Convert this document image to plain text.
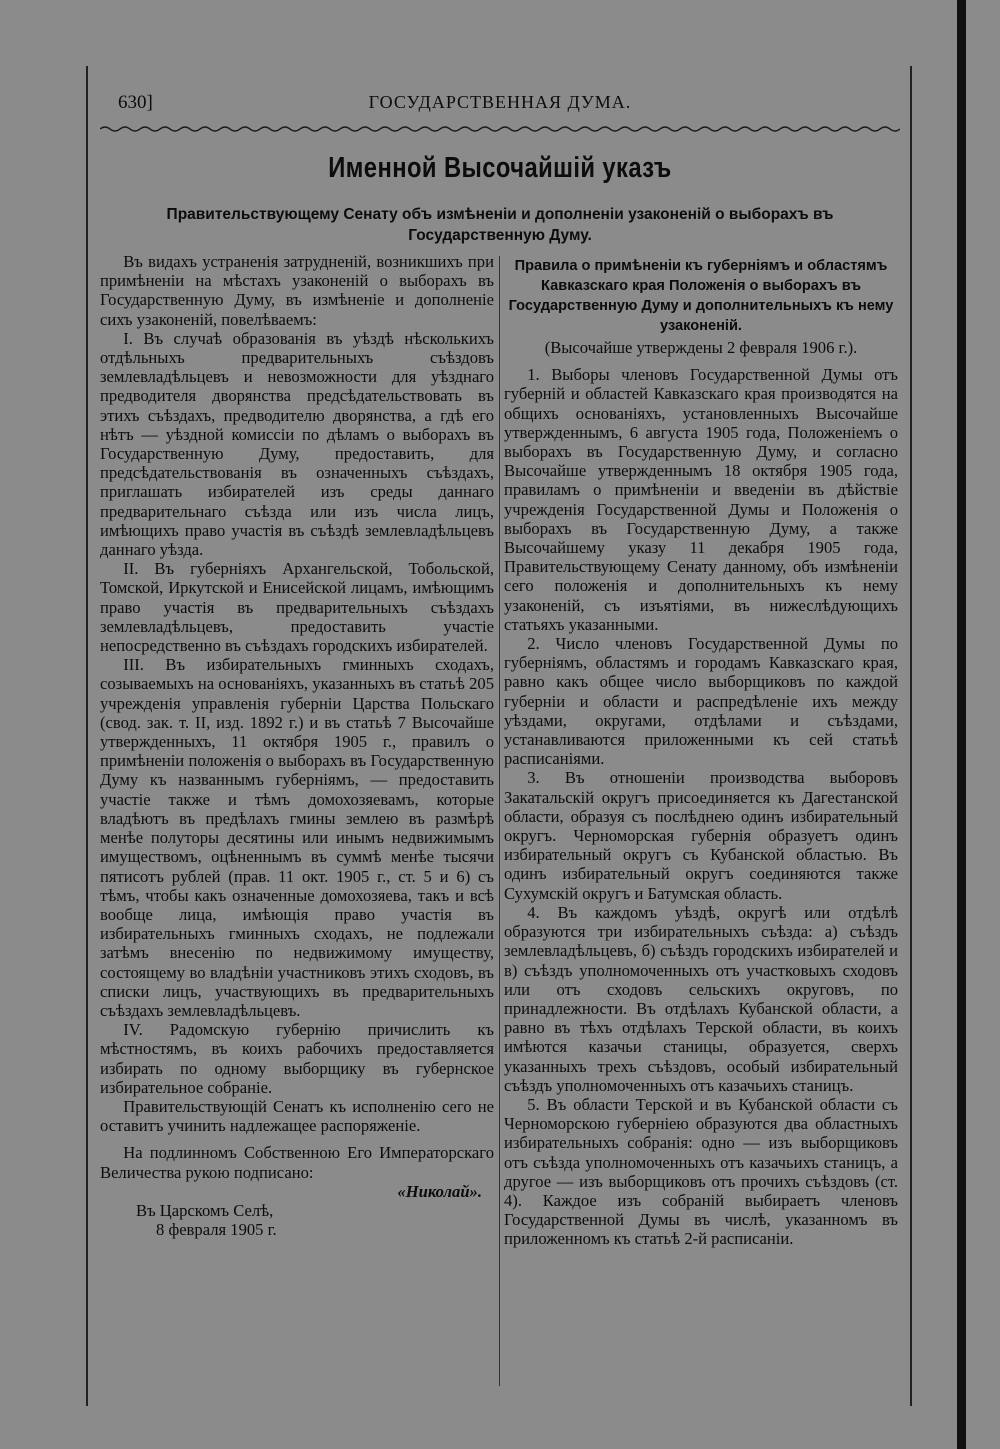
630]	ГОСУДАРСТВЕННАЯ ДУМА.
Именной Высочайшій указъ
Правительствующему Сенату объ измѣненіи и дополненіи узаконеній о выборахъ въ Государственную Думу.

Въ видахъ устраненія затрудненій, возникшихъ при примѣненіи на мѣстахъ узаконеній о выборахъ въ Государственную Думу, въ измѣненіе и дополненіе сихъ узаконеній, повелѣваемъ:

I. Въ случаѣ образованія въ уѣздѣ нѣсколькихъ отдѣльныхъ предварительныхъ съѣздовъ землевладѣльцевъ и невозможности для уѣзднаго предводителя дворянства предсѣдательствовать въ этихъ съѣздахъ, предводителю дворянства, а гдѣ его нѣтъ — уѣздной комиссіи по дѣламъ о выборахъ въ Государственную Думу, предоставить, для предсѣдательствованія въ означенныхъ съѣздахъ, приглашать избирателей изъ среды даннаго предварительнаго съѣзда или изъ числа лицъ, имѣющихъ право участія въ съѣздѣ землевладѣльцевъ даннаго уѣзда.

II. Въ губерніяхъ Архангельской, Тобольской, Томской, Иркутской и Енисейской лицамъ, имѣющимъ право участія въ предварительныхъ съѣздахъ землевладѣльцевъ, предоставить участіе непосредственно въ съѣздахъ городскихъ избирателей.

III. Въ избирательныхъ гминныхъ сходахъ, созываемыхъ на основаніяхъ, указанныхъ въ статьѣ 205 учрежденія управленія губерніи Царства Польскаго (свод. зак. т. II, изд. 1892 г.) и въ статьѣ 7 Высочайше утвержденныхъ, 11 октября 1905 г., правилъ о примѣненіи положенія о выборахъ въ Государственную Думу къ названнымъ губерніямъ, — предоставить участіе также и тѣмъ домохозяевамъ, которые владѣютъ въ предѣлахъ гмины землею въ размѣрѣ менѣе полуторы десятины или инымъ недвижимымъ имуществомъ, оцѣненнымъ въ суммѣ менѣе тысячи пятисотъ рублей (прав. 11 окт. 1905 г., ст. 5 и 6) съ тѣмъ, чтобы какъ означенные домохозяева, такъ и всѣ вообще лица, имѣющія право участія въ избирательныхъ гминныхъ сходахъ, не подлежали затѣмъ внесенію по недвижимому имуществу, состоящему во владѣніи участниковъ этихъ сходовъ, въ списки лицъ, участвующихъ въ предварительныхъ съѣздахъ землевладѣльцевъ.

IV. Радомскую губернію причислить къ мѣстностямъ, въ коихъ рабочихъ предоставляется избирать по одному выборщику въ губернское избирательное собраніе.

Правительствующій Сенатъ къ исполненію сего не оставитъ учинить надлежащее распоряженіе.

На подлинномъ Собственною Его Императорскаго Величества рукою подписано:

«Николай».

Въ Царскомъ Селѣ,

8 февраля 1905 г.

Правила о примѣненіи къ губерніямъ и областямъ Кавказскаго края Положенія о выборахъ въ Государственную Думу и дополнительныхъ къ нему узаконеній.

(Высочайше утверждены 2 февраля 1906 г.).

1. Выборы членовъ Государственной Думы отъ губерній и областей Кавказскаго края производятся на общихъ основаніяхъ, установленныхъ Высочайше утвержденнымъ, 6 августа 1905 года, Положеніемъ о выборахъ въ Государственную Думу, и согласно Высочайше утвержденнымъ 18 октября 1905 года, правиламъ о примѣненіи и введеніи въ дѣйствіе учрежденія Государственной Думы и Положенія о выборахъ въ Государственную Думу, а также Высочайшему указу 11 декабря 1905 года, Правительствующему Сенату данному, объ измѣненіи сего положенія и дополнительныхъ къ нему узаконеній, съ изъятіями, въ нижеслѣдующихъ статьяхъ указанными.

2. Число членовъ Государственной Думы по губерніямъ, областямъ и городамъ Кавказскаго края, равно какъ общее число выборщиковъ по каждой губерніи и области и распредѣленіе ихъ между уѣздами, округами, отдѣлами и съѣздами, устанавливаются приложенными къ сей статьѣ расписаніями.

3. Въ отношеніи производства выборовъ Закатальскій округъ присоединяется къ Дагестанской области, образуя съ послѣднею одинъ избирательный округъ. Черноморская губернія образуетъ одинъ избирательный округъ съ Кубанской областью. Въ одинъ избирательный округъ соединяются также Сухумскій округъ и Батумская область.

4. Въ каждомъ уѣздѣ, округѣ или отдѣлѣ образуются три избирательныхъ съѣзда: а) съѣздъ землевладѣльцевъ, б) съѣздъ городскихъ избирателей и в) съѣздъ уполномоченныхъ отъ участковыхъ сходовъ или отъ сходовъ сельскихъ округовъ, по принадлежности. Въ отдѣлахъ Кубанской области, а равно въ тѣхъ отдѣлахъ Терской области, въ коихъ имѣются казачьи станицы, образуется, сверхъ указанныхъ трехъ съѣздовъ, особый избирательный съѣздъ уполномоченныхъ отъ казачьихъ станицъ.

5. Въ области Терской и въ Кубанской области съ Черноморскою губерніею образуются два областныхъ избирательныхъ собранія: одно — изъ выборщиковъ отъ съѣзда уполномоченныхъ отъ казачьихъ станицъ, а другое — изъ выборщиковъ отъ прочихъ съѣздовъ (ст. 4). Каждое изъ собраній выбираетъ членовъ Государственной Думы въ числѣ, указанномъ въ приложенномъ къ статьѣ 2-й расписаніи.
